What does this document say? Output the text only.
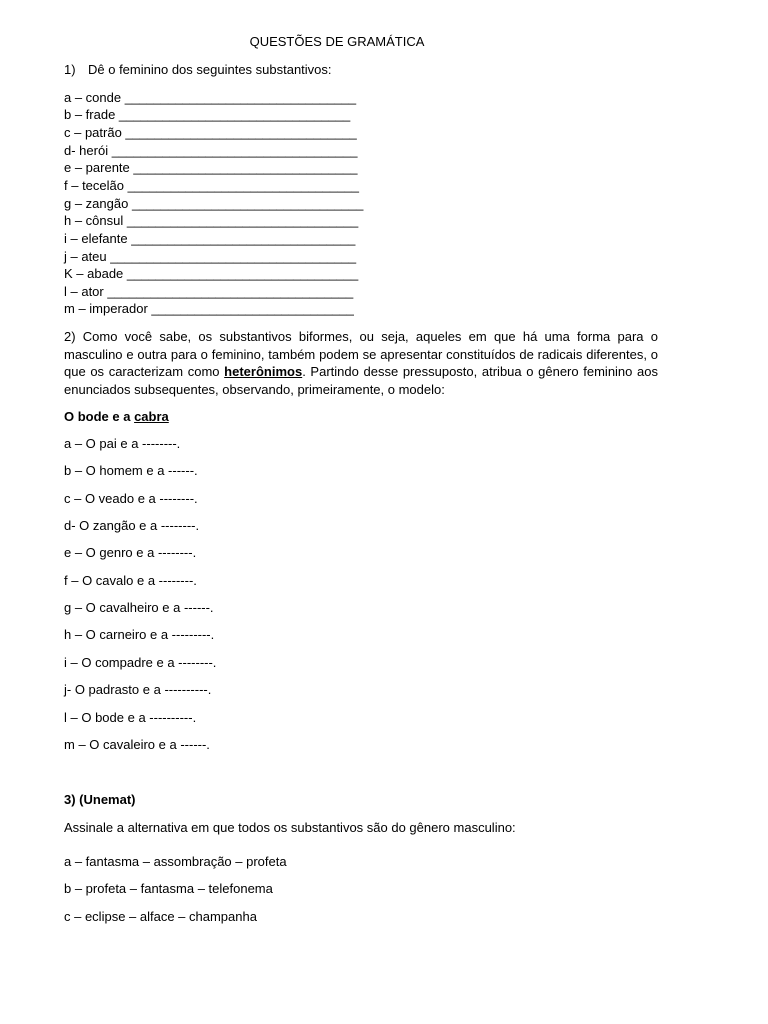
QUESTÕES DE GRAMÁTICA
1) Dê o feminino dos seguintes substantivos:
a – conde ________________________________
b – frade ________________________________
c – patrão ________________________________
d- herói __________________________________
e – parente _______________________________
f – tecelão ________________________________
g – zangão ________________________________
h – cônsul ________________________________
i – elefante _______________________________
j – ateu __________________________________
K – abade ________________________________
l – ator __________________________________
m – imperador ____________________________
2) Como você sabe, os substantivos biformes, ou seja, aqueles em que há uma forma para o masculino e outra para o feminino, também podem se apresentar constituídos de radicais diferentes, o que os caracterizam como heterônimos. Partindo desse pressuposto, atribua o gênero feminino aos enunciados subsequentes, observando, primeiramente, o modelo:
O bode e a cabra
a – O pai e a --------.
b – O homem e a ------.
c – O veado e a --------.
d- O zangão e a --------.
e – O genro e a --------.
f – O cavalo e a --------.
g – O cavalheiro e a ------.
h – O carneiro e a ---------.
i – O compadre e a --------.
j- O padrasto e a ----------.
l – O bode e a ----------.
m – O cavaleiro e a ------.
3) (Unemat)
Assinale a alternativa em que todos os substantivos são do gênero masculino:
a – fantasma – assombração – profeta
b – profeta – fantasma – telefonema
c – eclipse – alface – champanha
